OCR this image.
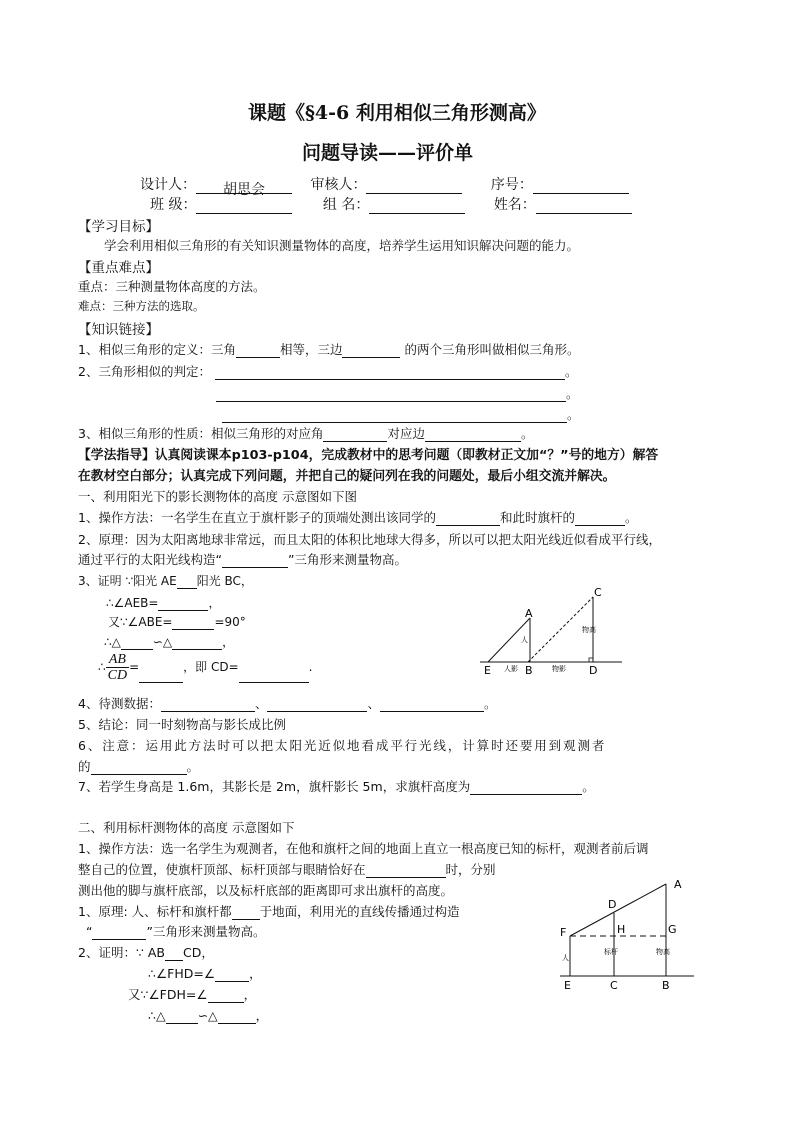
课题《§4-6 利用相似三角形测高》
问题导读——评价单
设计人： 胡思会	审核人：	序号：
班 级：	组 名：	姓名：
【学习目标】
学会利用相似三角形的有关知识测量物体的高度，培养学生运用知识解决问题的能力。
【重点难点】
重点：三种测量物体高度的方法。
难点：三种方法的选取。
【知识链接】
1、相似三角形的定义：三角	相等，三边	的两个三角形叫做相似三角形。
2、三角形相似的判定：	。
。
。
3、相似三角形的性质：相似三角形的对应角	对应边	。
【学法指导】认真阅读课本p103-p104，完成教材中的思考问题（即教材正文加“？”号的地方）解答
在教材空白部分；认真完成下列问题，并把自己的疑问列在我的问题处，最后小组交流并解决。
一、利用阳光下的影长测物体的高度 示意图如下图
1、操作方法：一名学生在直立于旗杆影子的顶端处测出该同学的	和此时旗杆的	。
2、原理：因为太阳离地球非常远，而且太阳的体积比地球大得多，所以可以把太阳光线近似看成平行线，
通过平行的太阳光线构造“	”三角形来测量物高。
3、证明 ∵阳光 AE 阳光 BC，
∴∠AEB=	，
又∵∠ABE=	=90°
∴△	∽△	，
∴ $\frac{AB}{CD}$ =	，即 CD=	.
A
B
C
D
E
人
人影	物影
物高
4、待测数据：	、	、	。
5、结论：同一时刻物高与影长成比例
6、注意：运用此方法时可以把太阳光近似地看成平行光线，计算时还要用到观测者
的	。
7、若学生身高是 1.6m，其影长是 2m，旗杆影长 5m，求旗杆高度为	。
二、利用标杆测物体的高度 示意图如下
1、操作方法：选一名学生为观测者，在他和旗杆之间的地面上直立一根高度已知的标杆，观测者前后调
整自己的位置，使旗杆顶部、标杆顶部与眼睛恰好在	时，分别
测出他的脚与旗杆底部，以及标杆底部的距离即可求出旗杆的高度。
1、原理: 人、标杆和旗杆都 于地面，利用光的直线传播通过构造
“	”三角形来测量物高。
2、证明：∵ AB CD，
∴∠FHD=∠	，
又∵∠FDH=∠	，
∴△	∽△	，
A
B
C
D
E
F	G
H
人
标杆	物高
